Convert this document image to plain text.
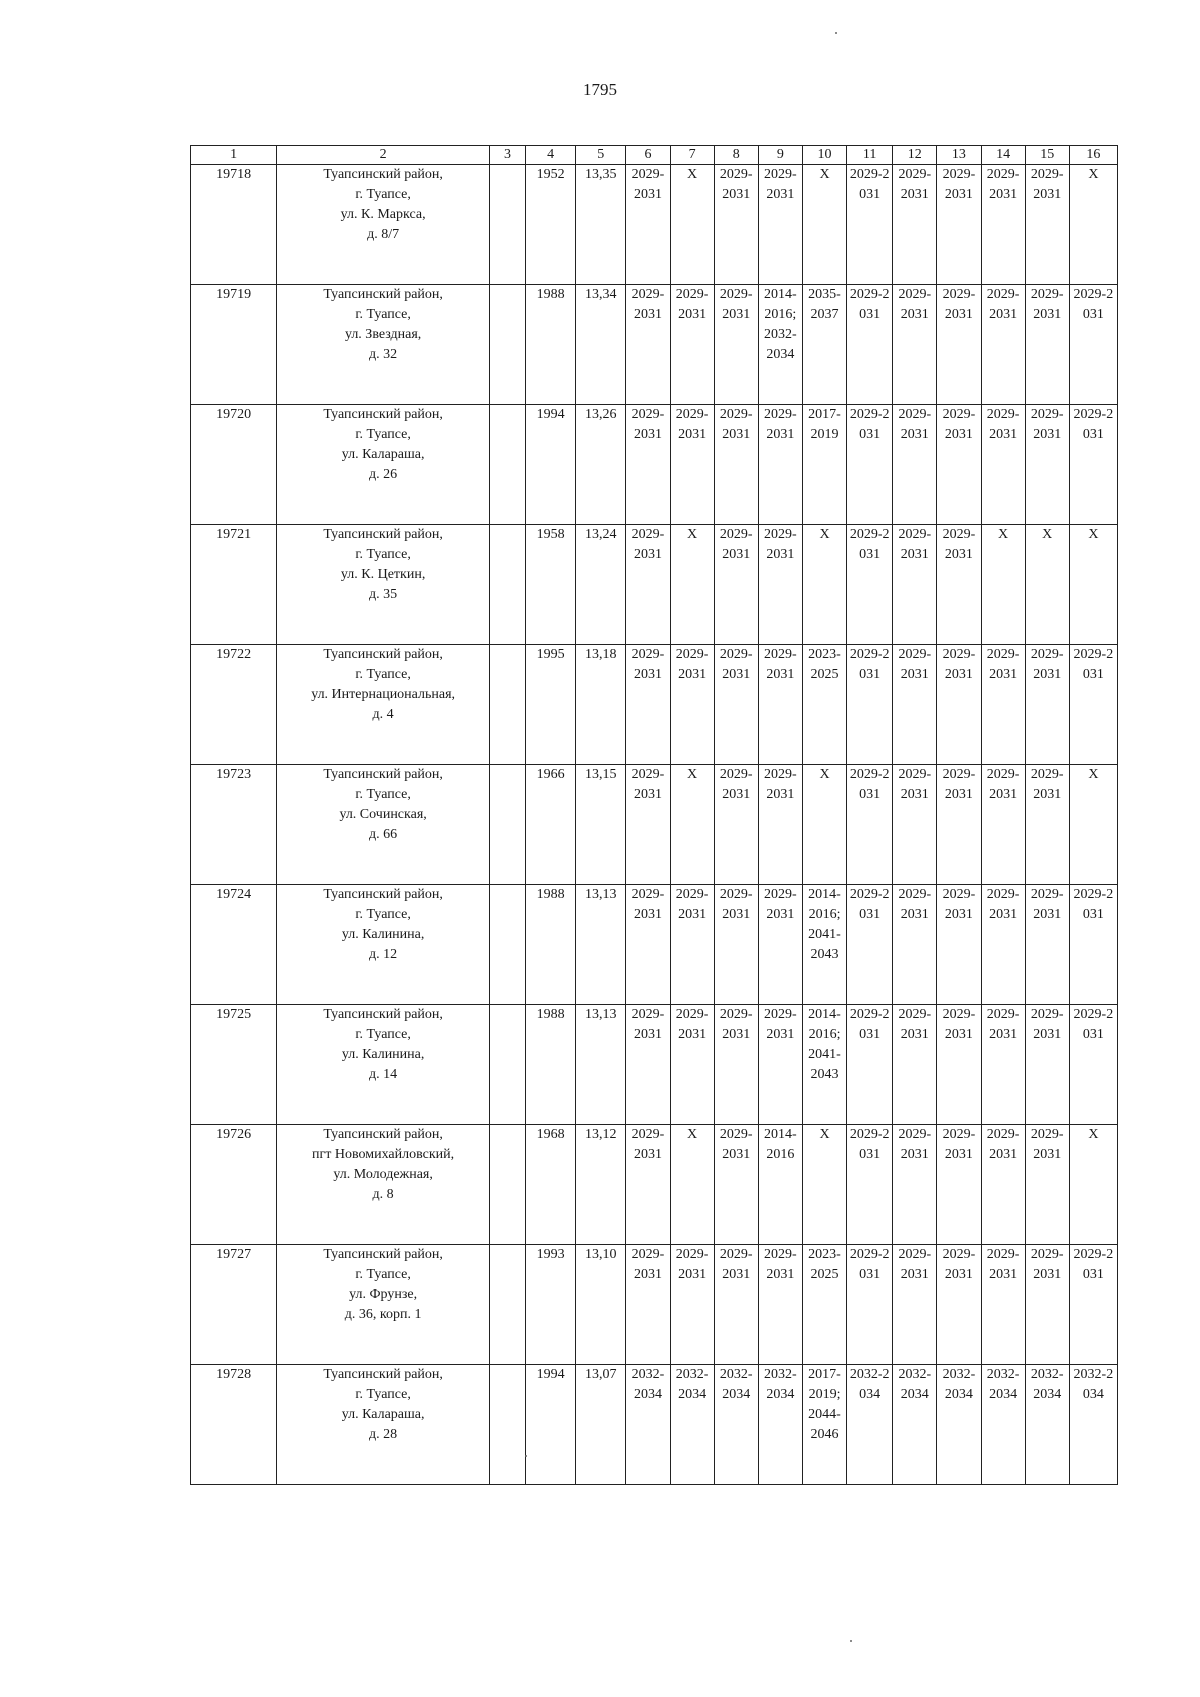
1795
1	2	3	4	5	6	7	8	9	10	11	12	13	14	15	16
19718	Туапсинский район,
г. Туапсе,
ул. К. Маркса,
д. 8/7		1952	13,35	2029-2031	X	2029-2031	2029-2031	X	2029-2031	2029-2031	2029-2031	2029-2031	2029-2031	X
19719	Туапсинский район,
г. Туапсе,
ул. Звездная,
д. 32		1988	13,34	2029-2031	2029-2031	2029-2031	2014-2016; 2032-2034	2035-2037	2029-2031	2029-2031	2029-2031	2029-2031	2029-2031	2029-2031
19720	Туапсинский район,
г. Туапсе,
ул. Калараша,
д. 26		1994	13,26	2029-2031	2029-2031	2029-2031	2029-2031	2017-2019	2029-2031	2029-2031	2029-2031	2029-2031	2029-2031	2029-2031
19721	Туапсинский район,
г. Туапсе,
ул. К. Цеткин,
д. 35		1958	13,24	2029-2031	X	2029-2031	2029-2031	X	2029-2031	2029-2031	2029-2031	X	X	X
19722	Туапсинский район,
г. Туапсе,
ул. Интернациональная,
д. 4		1995	13,18	2029-2031	2029-2031	2029-2031	2029-2031	2023-2025	2029-2031	2029-2031	2029-2031	2029-2031	2029-2031	2029-2031
19723	Туапсинский район,
г. Туапсе,
ул. Сочинская,
д. 66		1966	13,15	2029-2031	X	2029-2031	2029-2031	X	2029-2031	2029-2031	2029-2031	2029-2031	2029-2031	X
19724	Туапсинский район,
г. Туапсе,
ул. Калинина,
д. 12		1988	13,13	2029-2031	2029-2031	2029-2031	2029-2031	2014-2016; 2041-2043	2029-2031	2029-2031	2029-2031	2029-2031	2029-2031	2029-2031
19725	Туапсинский район,
г. Туапсе,
ул. Калинина,
д. 14		1988	13,13	2029-2031	2029-2031	2029-2031	2029-2031	2014-2016; 2041-2043	2029-2031	2029-2031	2029-2031	2029-2031	2029-2031	2029-2031
19726	Туапсинский район,
пгт Новомихайловский,
ул. Молодежная,
д. 8		1968	13,12	2029-2031	X	2029-2031	2014-2016	X	2029-2031	2029-2031	2029-2031	2029-2031	2029-2031	X
19727	Туапсинский район,
г. Туапсе,
ул. Фрунзе,
д. 36, корп. 1		1993	13,10	2029-2031	2029-2031	2029-2031	2029-2031	2023-2025	2029-2031	2029-2031	2029-2031	2029-2031	2029-2031	2029-2031
19728	Туапсинский район,
г. Туапсе,
ул. Калараша,
д. 28		1994	13,07	2032-2034	2032-2034	2032-2034	2032-2034	2017-2019; 2044-2046	2032-2034	2032-2034	2032-2034	2032-2034	2032-2034	2032-2034
